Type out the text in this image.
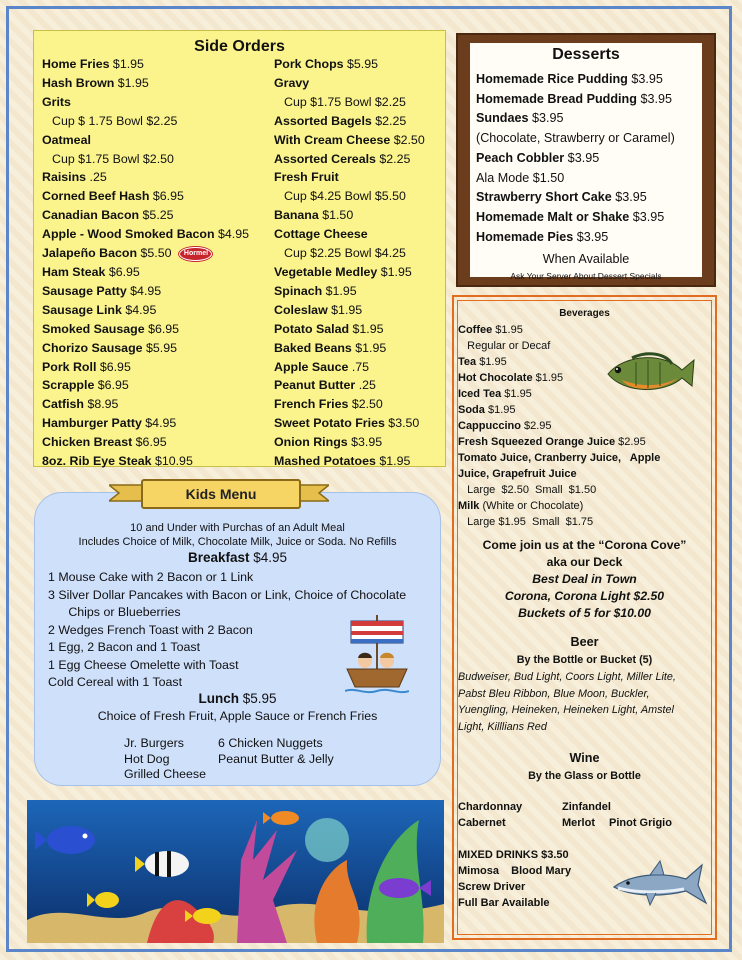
Side Orders
Home Fries $1.95
Hash Brown $1.95
Grits
Cup $ 1.75 Bowl $2.25
Oatmeal
Cup $1.75 Bowl $2.50
Raisins .25
Corned Beef Hash $6.95
Canadian Bacon $5.25
Apple - Wood Smoked Bacon $4.95
Jalapeño Bacon $5.50 Hormel
Ham Steak $6.95
Sausage Patty $4.95
Sausage Link $4.95
Smoked Sausage $6.95
Chorizo Sausage $5.95
Pork Roll $6.95
Scrapple $6.95
Catfish $8.95
Hamburger Patty $4.95
Chicken Breast $6.95
8oz. Rib Eye Steak $10.95
Pork Chops $5.95
Gravy
Cup $1.75 Bowl $2.25
Assorted Bagels $2.25
With Cream Cheese $2.50
Assorted Cereals $2.25
Fresh Fruit
Cup $4.25 Bowl $5.50
Banana $1.50
Cottage Cheese
Cup $2.25 Bowl $4.25
Vegetable Medley $1.95
Spinach $1.95
Coleslaw $1.95
Potato Salad $1.95
Baked Beans $1.95
Apple Sauce .75
Peanut Butter .25
French Fries $2.50
Sweet Potato Fries $3.50
Onion Rings $3.95
Mashed Potatoes $1.95
Desserts
Homemade Rice Pudding $3.95
Homemade Bread Pudding $3.95
Sundaes $3.95
(Chocolate, Strawberry or Caramel)
Peach Cobbler $3.95
Ala Mode $1.50
Strawberry Short Cake $3.95
Homemade Malt or Shake $3.95
Homemade Pies $3.95
When Available
Ask Your Server About Dessert Specials
Beverages
Coffee $1.95
Regular or Decaf
Tea $1.95
Hot Chocolate $1.95
Iced Tea $1.95
Soda $1.95
Cappuccino $2.95
Fresh Squeezed Orange Juice $2.95
Tomato Juice, Cranberry Juice,   Apple
Juice, Grapefruit Juice
Large  $2.50  Small  $1.50
Milk (White or Chocolate)
Large $1.95  Small  $1.75
Come join us at the “Corona Cove”
aka our Deck
Best Deal in Town
Corona, Corona Light $2.50
Buckets of 5 for $10.00
Beer
By the Bottle or Bucket (5)
Budweiser, Bud Light, Coors Light, Miller Lite,
Pabst Bleu Ribbon, Blue Moon, Buckler,
Yuengling, Heineken, Heineken Light, Amstel
Light, Killlians Red
Wine
By the Glass or Bottle
Chardonnay	Zinfandel
Cabernet	Merlot Pinot Grigio
MIXED DRINKS $3.50
Mimosa    Blood Mary
Screw Driver
Full Bar Available
10 and Under with Purchas of an Adult Meal
Includes Choice of Milk, Chocolate Milk, Juice or Soda. No Refills
Breakfast $4.95
1 Mouse Cake with 2 Bacon or 1 Link
3 Silver Dollar Pancakes with Bacon or Link, Choice of Chocolate
Chips or Blueberries
2 Wedges French Toast with 2 Bacon
1 Egg, 2 Bacon and 1 Toast
1 Egg Cheese Omelette with Toast
Cold Cereal with 1 Toast
Lunch $5.95
Choice of Fresh Fruit, Apple Sauce or French Fries
Jr. Burgers
Hot Dog
Grilled Cheese
6 Chicken Nuggets
Peanut Butter & Jelly
Kids Menu
